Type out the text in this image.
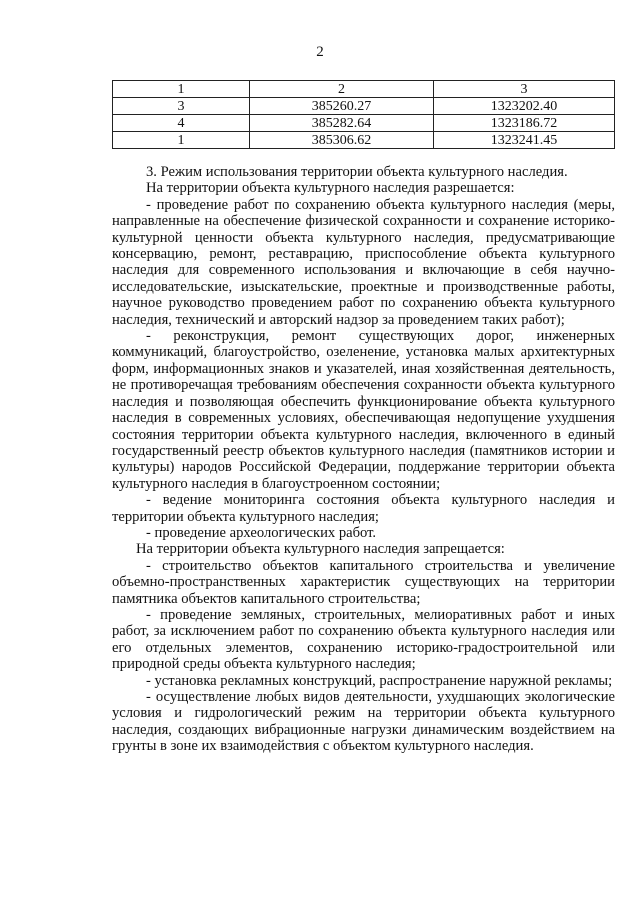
2
1	2	3
3	385260.27	1323202.40
4	385282.64	1323186.72
1	385306.62	1323241.45

3. Режим использования территории объекта культурного наследия.

На территории объекта культурного наследия разрешается:

- проведение работ по сохранению объекта культурного наследия (меры, направленные на обеспечение физической сохранности и сохранение историко-культурной ценности объекта культурного наследия, предусматривающие консервацию, ремонт, реставрацию, приспособление объекта культурного наследия для современного использования и включающие в себя научно-исследовательские, изыскательские, проектные и производственные работы, научное руководство проведением работ по сохранению объекта культурного наследия, технический и авторский надзор за проведением таких работ);

- реконструкция, ремонт существующих дорог, инженерных коммуникаций, благоустройство, озеленение, установка малых архитектурных форм, информационных знаков и указателей, иная хозяйственная деятельность, не противоречащая требованиям обеспечения сохранности объекта культурного наследия и позволяющая обеспечить функционирование объекта культурного наследия в современных условиях, обеспечивающая недопущение ухудшения состояния территории объекта культурного наследия, включенного в единый государственный реестр объектов культурного наследия (памятников истории и культуры) народов Российской Федерации, поддержание территории объекта культурного наследия в благоустроенном состоянии;

- ведение мониторинга состояния объекта культурного наследия и территории объекта культурного наследия;

- проведение археологических работ.

На территории объекта культурного наследия запрещается:

- строительство объектов капитального строительства и увеличение объемно-пространственных характеристик существующих на территории памятника объектов капитального строительства;

- проведение земляных, строительных, мелиоративных работ и иных работ, за исключением работ по сохранению объекта культурного наследия или его отдельных элементов, сохранению историко-градостроительной или природной среды объекта культурного наследия;

- установка рекламных конструкций, распространение наружной рекламы;

- осуществление любых видов деятельности, ухудшающих экологические условия и гидрологический режим на территории объекта культурного наследия, создающих вибрационные нагрузки динамическим воздействием на грунты в зоне их взаимодействия с объектом культурного наследия.
